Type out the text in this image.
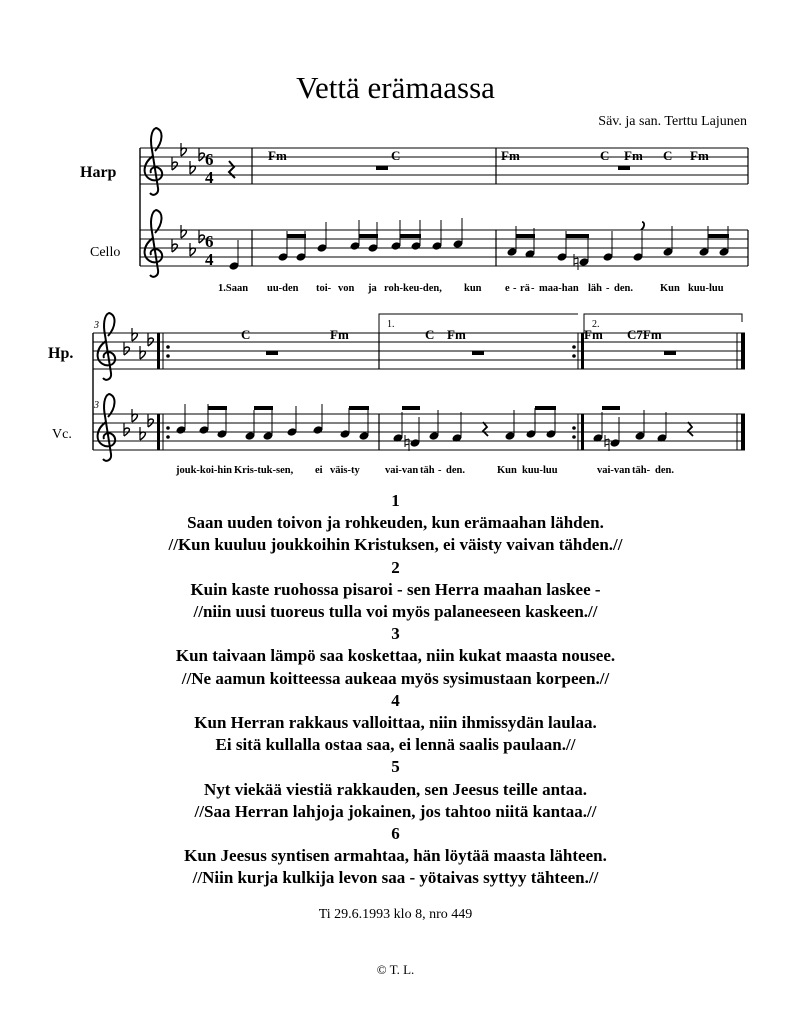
Vettä erämaassa
Säv. ja san. Terttu Lajunen
Harp
Cello
6
4
6
4
Fm	C	Fm	C Fm C Fm
1.Saan uu-den toi- von ja roh-keu-den, kun e - rä - maa-han läh - den.	Kun kuu-luu
Hp.
Vc.
3
3
1.	2.
C	Fm	C Fm	Fm C7Fm
jouk-koi-hin Kris-tuk-sen, ei väis-ty vai-van täh - den.	Kun kuu-luu	vai-van täh- den.
1
Saan uuden toivon ja rohkeuden, kun erämaahan lähden.
//Kun kuuluu joukkoihin Kristuksen, ei väisty vaivan tähden.//
2
Kuin kaste ruohossa pisaroi - sen Herra maahan laskee -
//niin uusi tuoreus tulla voi myös palaneeseen kaskeen.//
3
Kun taivaan lämpö saa koskettaa, niin kukat maasta nousee.
//Ne aamun koitteessa aukeaa myös sysimustaan korpeen.//
4
Kun Herran rakkaus valloittaa, niin ihmissydän laulaa.
Ei sitä kullalla ostaa saa, ei lennä saalis paulaan.//
5
Nyt viekää viestiä rakkauden, sen Jeesus teille antaa.
//Saa Herran lahjoja jokainen, jos tahtoo niitä kantaa.//
6
Kun Jeesus syntisen armahtaa, hän löytää maasta lähteen.
//Niin kurja kulkija levon saa - yötaivas syttyy tähteen.//
Ti 29.6.1993 klo 8, nro 449
© T. L.
